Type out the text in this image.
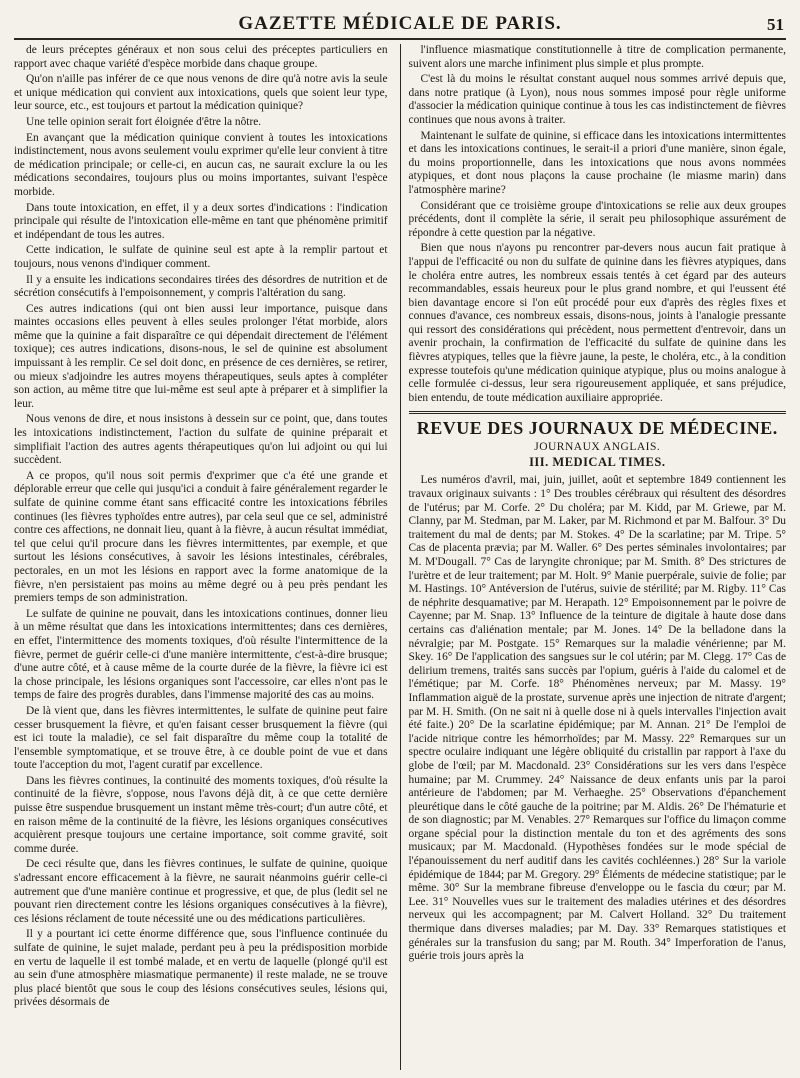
GAZETTE MÉDICALE DE PARIS.	51

de leurs préceptes généraux et non sous celui des préceptes particuliers en rapport avec chaque variété d'espèce morbide dans chaque groupe.

Qu'on n'aille pas inférer de ce que nous venons de dire qu'à notre avis la seule et unique médication qui convient aux intoxications, quels que soient leur type, leur source, etc., est toujours et partout la médication quinique?

Une telle opinion serait fort éloignée d'être la nôtre.

En avançant que la médication quinique convient à toutes les intoxications indistinctement, nous avons seulement voulu exprimer qu'elle leur convient à titre de médication principale; or celle-ci, en aucun cas, ne saurait exclure la ou les médications secondaires, toujours plus ou moins importantes, suivant l'espèce morbide.

Dans toute intoxication, en effet, il y a deux sortes d'indications : l'indication principale qui résulte de l'intoxication elle-même en tant que phénomène primitif et indépendant de tous les autres.

Cette indication, le sulfate de quinine seul est apte à la remplir partout et toujours, nous venons d'indiquer comment.

Il y a ensuite les indications secondaires tirées des désordres de nutrition et de sécrétion consécutifs à l'empoisonnement, y compris l'altération du sang.

Ces autres indications (qui ont bien aussi leur importance, puisque dans maintes occasions elles peuvent à elles seules prolonger l'état morbide, alors même que la quinine a fait disparaître ce qui dépendait directement de l'élément toxique); ces autres indications, disons-nous, le sel de quinine est absolument impuissant à les remplir. Ce sel doit donc, en présence de ces dernières, se retirer, ou mieux s'adjoindre les autres moyens thérapeutiques, seuls aptes à compléter son action, au même titre que lui-même est seul apte à préparer et à simplifier la leur.

Nous venons de dire, et nous insistons à dessein sur ce point, que, dans toutes les intoxications indistinctement, l'action du sulfate de quinine préparait et simplifiait l'action des autres agents thérapeutiques qu'on lui adjoint ou qui lui succèdent.

A ce propos, qu'il nous soit permis d'exprimer que c'a été une grande et déplorable erreur que celle qui jusqu'ici a conduit à faire généralement regarder le sulfate de quinine comme étant sans efficacité contre les intoxications fébriles continues (les fièvres typhoïdes entre autres), par cela seul que ce sel, administré contre ces affections, ne donnait lieu, quant à la fièvre, à aucun résultat immédiat, tel que celui qu'il procure dans les fièvres intermittentes, par exemple, et que surtout les lésions consécutives, à savoir les lésions intestinales, cérébrales, pectorales, en un mot les lésions en rapport avec la forme anatomique de la fièvre, n'en persistaient pas moins au même degré ou à peu près pendant les premiers temps de son administration.

Le sulfate de quinine ne pouvait, dans les intoxications continues, donner lieu à un même résultat que dans les intoxications intermittentes; dans ces dernières, en effet, l'intermittence des moments toxiques, d'où résulte l'intermittence de la fièvre, permet de guérir celle-ci d'une manière intermittente, c'est-à-dire brusque; d'une autre côté, et à cause même de la courte durée de la fièvre, la fièvre ici est la chose principale, les lésions organiques sont l'accessoire, car elles n'ont pas le temps de faire des progrès durables, dans l'immense majorité des cas au moins.

De là vient que, dans les fièvres intermittentes, le sulfate de quinine peut faire cesser brusquement la fièvre, et qu'en faisant cesser brusquement la fièvre (qui est ici toute la maladie), ce sel fait disparaître du même coup la totalité de l'ensemble symptomatique, et se trouve être, à ce double point de vue et dans toute l'acception du mot, l'agent curatif par excellence.

Dans les fièvres continues, la continuité des moments toxiques, d'où résulte la continuité de la fièvre, s'oppose, nous l'avons déjà dit, à ce que cette dernière puisse être suspendue brusquement un instant même très-court; d'un autre côté, et en raison même de la continuité de la fièvre, les lésions organiques consécutives acquièrent presque toujours une certaine importance, soit comme gravité, soit comme durée.

De ceci résulte que, dans les fièvres continues, le sulfate de quinine, quoique s'adressant encore efficacement à la fièvre, ne saurait néanmoins guérir celle-ci autrement que d'une manière continue et progressive, et que, de plus (ledit sel ne pouvant rien directement contre les lésions organiques consécutives à la fièvre), ces lésions réclament de toute nécessité une ou des médications particulières.

Il y a pourtant ici cette énorme différence que, sous l'influence continuée du sulfate de quinine, le sujet malade, perdant peu à peu la prédisposition morbide en vertu de laquelle il est tombé malade, et en vertu de laquelle (plongé qu'il est au sein d'une atmosphère miasmatique permanente) il reste malade, ne se trouve plus placé bientôt que sous le coup des lésions consécutives seules, lésions qui, privées désormais de

l'influence miasmatique constitutionnelle à titre de complication permanente, suivent alors une marche infiniment plus simple et plus prompte.

C'est là du moins le résultat constant auquel nous sommes arrivé depuis que, dans notre pratique (à Lyon), nous nous sommes imposé pour règle uniforme d'associer la médication quinique continue à tous les cas indistinctement de fièvres continues que nous avons à traiter.

Maintenant le sulfate de quinine, si efficace dans les intoxications intermittentes et dans les intoxications continues, le serait-il a priori d'une manière, sinon égale, du moins proportionnelle, dans les intoxications que nous avons nommées atypiques, et dont nous plaçons la cause prochaine (le miasme marin) dans l'atmosphère marine?

Considérant que ce troisième groupe d'intoxications se relie aux deux groupes précédents, dont il complète la série, il serait peu philosophique assurément de répondre à cette question par la négative.

Bien que nous n'ayons pu rencontrer par-devers nous aucun fait pratique à l'appui de l'efficacité ou non du sulfate de quinine dans les fièvres atypiques, dans le choléra entre autres, les nombreux essais tentés à cet égard par des auteurs recommandables, essais heureux pour le plus grand nombre, et qui l'eussent été bien davantage encore si l'on eût procédé pour eux d'après des règles fixes et connues d'avance, ces nombreux essais, disons-nous, joints à l'analogie pressante qui ressort des considérations qui précèdent, nous permettent d'entrevoir, dans un avenir prochain, la confirmation de l'efficacité du sulfate de quinine dans les fièvres atypiques, telles que la fièvre jaune, la peste, le choléra, etc., à la condition expresse toutefois qu'une médication quinique atypique, plus ou moins analogue à celle formulée ci-dessus, leur sera rigoureusement appliquée, et sans préjudice, bien entendu, de toute médication auxiliaire appropriée.

REVUE DES JOURNAUX DE MÉDECINE.
JOURNAUX ANGLAIS.
III. MEDICAL TIMES.

Les numéros d'avril, mai, juin, juillet, août et septembre 1849 contiennent les travaux originaux suivants : 1° Des troubles cérébraux qui résultent des désordres de l'utérus; par M. Corfe. 2° Du choléra; par M. Kidd, par M. Griewe, par M. Clanny, par M. Stedman, par M. Laker, par M. Richmond et par M. Balfour. 3° Du traitement du mal de dents; par M. Stokes. 4° De la scarlatine; par M. Tripe. 5° Cas de placenta prævia; par M. Waller. 6° Des pertes séminales involontaires; par M. M'Dougall. 7° Cas de laryngite chronique; par M. Smith. 8° Des strictures de l'urètre et de leur traitement; par M. Holt. 9° Manie puerpérale, suivie de folie; par M. Hastings. 10° Antéversion de l'utérus, suivie de stérilité; par M. Rigby. 11° Cas de néphrite desquamative; par M. Herapath. 12° Empoisonnement par le poivre de Cayenne; par M. Snap. 13° Influence de la teinture de digitale à haute dose dans certains cas d'aliénation mentale; par M. Jones. 14° De la belladone dans la névralgie; par M. Postgate. 15° Remarques sur la maladie vénérienne; par M. Skey. 16° De l'application des sangsues sur le col utérin; par M. Clegg. 17° Cas de delirium tremens, traités sans succès par l'opium, guéris à l'aide du calomel et de l'émétique; par M. Corfe. 18° Phénomènes nerveux; par M. Massy. 19° Inflammation aiguë de la prostate, survenue après une injection de nitrate d'argent; par M. H. Smith. (On ne sait ni à quelle dose ni à quels intervalles l'injection avait été faite.) 20° De la scarlatine épidémique; par M. Annan. 21° De l'emploi de l'acide nitrique contre les hémorrhoïdes; par M. Massy. 22° Remarques sur un spectre oculaire indiquant une légère obliquité du cristallin par rapport à l'axe du globe de l'œil; par M. Macdonald. 23° Considérations sur les vers dans l'espèce humaine; par M. Crummey. 24° Naissance de deux enfants unis par la paroi antérieure de l'abdomen; par M. Verhaeghe. 25° Observations d'épanchement pleurétique dans le côté gauche de la poitrine; par M. Aldis. 26° De l'hématurie et de son diagnostic; par M. Venables. 27° Remarques sur l'office du limaçon comme organe spécial pour la distinction mentale du ton et des agréments des sons musicaux; par M. Macdonald. (Hypothèses fondées sur le mode spécial de l'épanouissement du nerf auditif dans les cavités cochléennes.) 28° Sur la variole épidémique de 1844; par M. Gregory. 29° Éléments de médecine statistique; par le même. 30° Sur la membrane fibreuse d'enveloppe ou le fascia du cœur; par M. Lee. 31° Nouvelles vues sur le traitement des maladies utérines et des désordres nerveux qui les accompagnent; par M. Calvert Holland. 32° Du traitement thermique dans diverses maladies; par M. Day. 33° Remarques statistiques et générales sur la transfusion du sang; par M. Routh. 34° Imperforation de l'anus, guérie trois jours après la
